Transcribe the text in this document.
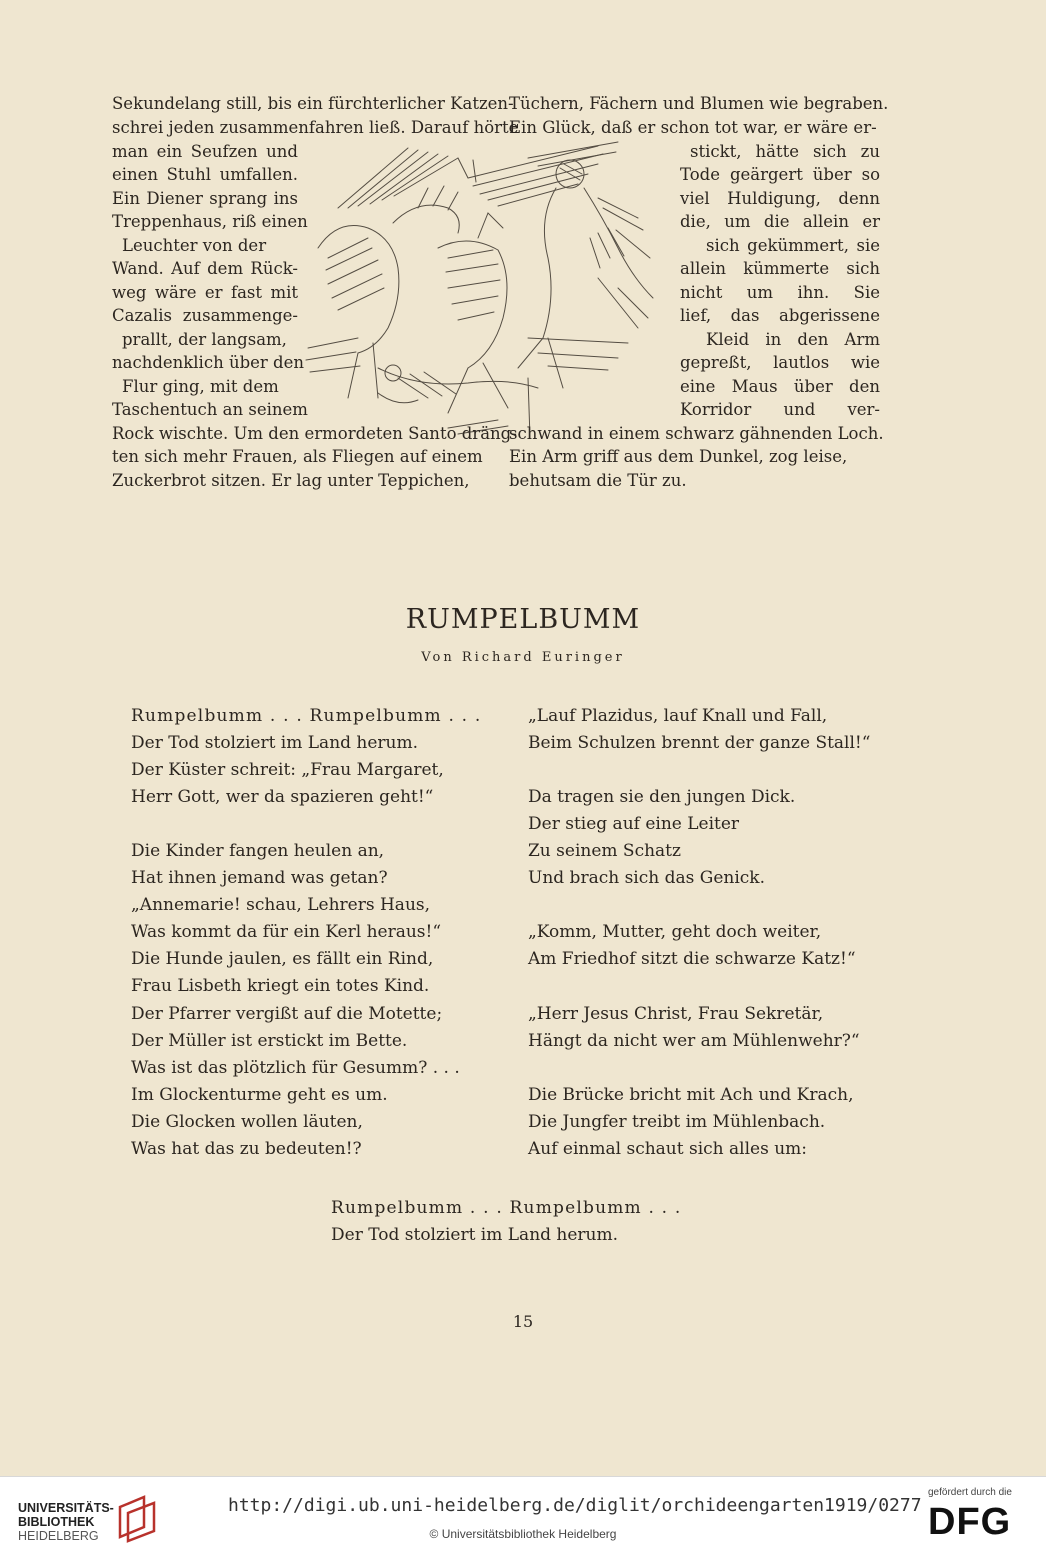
Sekundelang still, bis ein fürchterlicher Katzen-
schrei jeden zusammenfahren ließ. Darauf hörte
man ein Seufzen und
einen Stuhl umfallen.
Ein Diener sprang ins
Treppenhaus, riß einen
Leuchter von der
Wand. Auf dem Rück-
weg wäre er fast mit
Cazalis zusammenge-
prallt, der langsam,
nachdenklich über den
Flur ging, mit dem
Taschentuch an seinem
Rock wischte. Um den ermordeten Santo dräng-
ten sich mehr Frauen, als Fliegen auf einem
Zuckerbrot sitzen. Er lag unter Teppichen,
Tüchern, Fächern und Blumen wie begraben.
Ein Glück, daß er schon tot war, er wäre er-
stickt, hätte sich zu
Tode geärgert über so
viel Huldigung, denn
die, um die allein er
sich gekümmert, sie
allein kümmerte sich
nicht um ihn. Sie
lief, das abgerissene
Kleid in den Arm
gepreßt, lautlos wie
eine Maus über den
Korridor und ver-
schwand in einem schwarz gähnenden Loch.
Ein Arm griff aus dem Dunkel, zog leise,
behutsam die Tür zu.
RUMPELBUMM
Von Richard Euringer
Rumpelbumm . . . Rumpelbumm . . .
Der Tod stolziert im Land herum.
Der Küster schreit: „Frau Margaret,
Herr Gott, wer da spazieren geht!“
Die Kinder fangen heulen an,
Hat ihnen jemand was getan?
„Annemarie! schau, Lehrers Haus,
Was kommt da für ein Kerl heraus!“
Die Hunde jaulen, es fällt ein Rind,
Frau Lisbeth kriegt ein totes Kind.
Der Pfarrer vergißt auf die Motette;
Der Müller ist erstickt im Bette.
Was ist das plötzlich für Gesumm? . . .
Im Glockenturme geht es um.
Die Glocken wollen läuten,
Was hat das zu bedeuten!?
„Lauf Plazidus, lauf Knall und Fall,
Beim Schulzen brennt der ganze Stall!“
Da tragen sie den jungen Dick.
Der stieg auf eine Leiter
Zu seinem Schatz
Und brach sich das Genick.
„Komm, Mutter, geht doch weiter,
Am Friedhof sitzt die schwarze Katz!“
„Herr Jesus Christ, Frau Sekretär,
Hängt da nicht wer am Mühlenwehr?“
Die Brücke bricht mit Ach und Krach,
Die Jungfer treibt im Mühlenbach.
Auf einmal schaut sich alles um:
Rumpelbumm . . . Rumpelbumm . . .
Der Tod stolziert im Land herum.
15
UNIVERSITÄTS-
BIBLIOTHEK
HEIDELBERG
http://digi.ub.uni-heidelberg.de/diglit/orchideengarten1919/0277
© Universitätsbibliothek Heidelberg
gefördert durch die
DFG
